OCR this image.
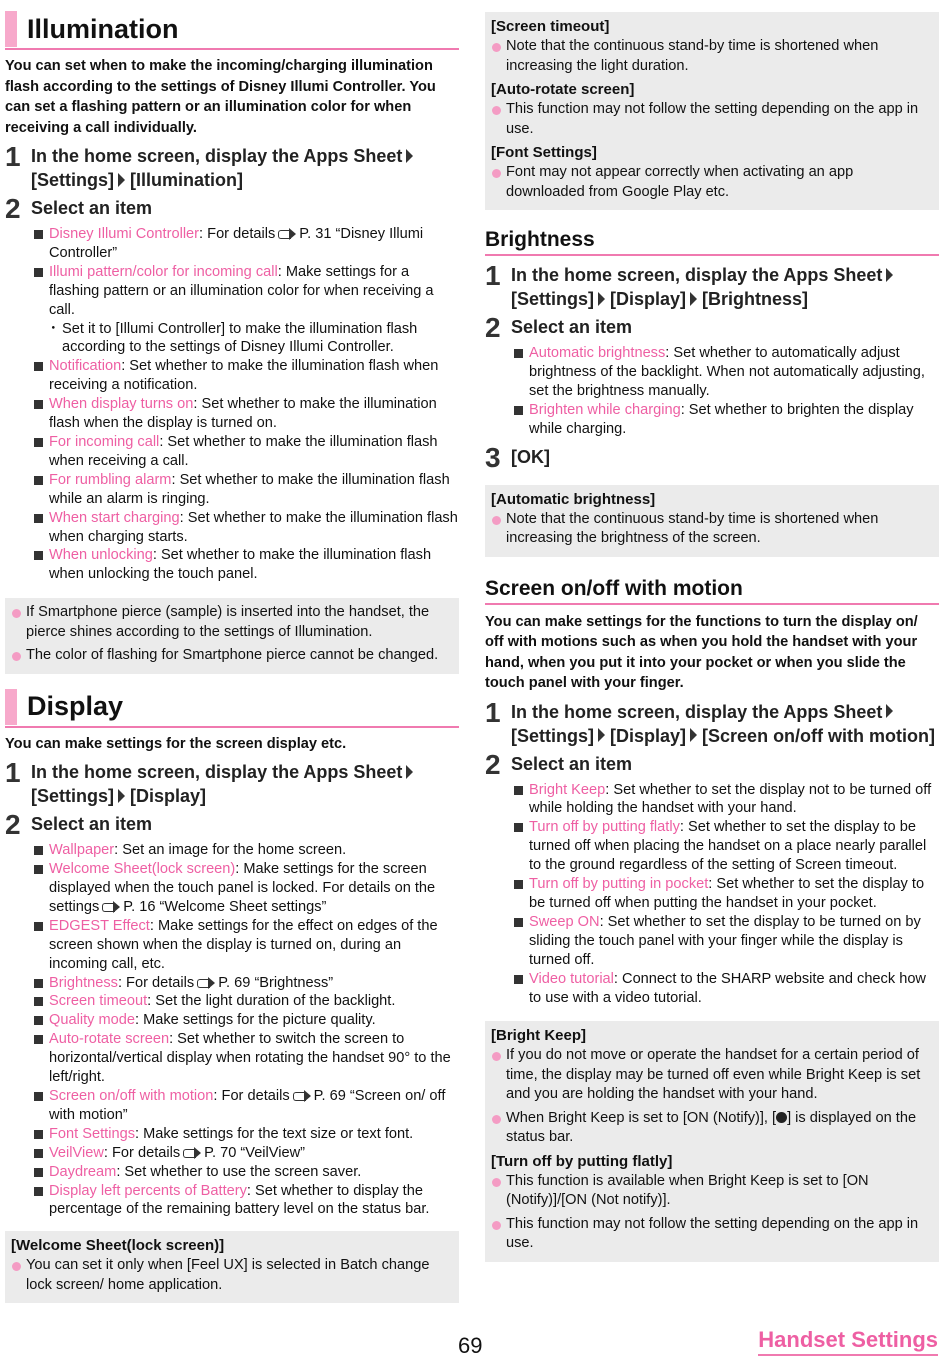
Illumination

You can set when to make the incoming/charging illumination flash according to the settings of Disney Illumi Controller. You can set a flashing pattern or an illumination color for when receiving a call individually.

1 In the home screen, display the Apps Sheet
[Settings] [Illumination]
2 Select an item
Disney Illumi Controller: For details P. 31 “Disney Illumi Controller”
Illumi pattern/color for incoming call: Make settings for a flashing pattern or an illumination color for when receiving a call.
・ Set it to [Illumi Controller] to make the illumination flash according to the settings of Disney Illumi Controller.
Notification: Set whether to make the illumination flash when receiving a notification.
When display turns on: Set whether to make the illumination flash when the display is turned on.
For incoming call: Set whether to make the illumination flash when receiving a call.
For rumbling alarm: Set whether to make the illumination flash while an alarm is ringing.
When start charging: Set whether to make the illumination flash when charging starts.
When unlocking: Set whether to make the illumination flash when unlocking the touch panel.

If Smartphone pierce (sample) is inserted into the handset, the pierce shines according to the settings of Illumination.

The color of flashing for Smartphone pierce cannot be changed.

Display

You can make settings for the screen display etc.

1 In the home screen, display the Apps Sheet
[Settings] [Display]
2 Select an item
Wallpaper: Set an image for the home screen.
Welcome Sheet(lock screen): Make settings for the screen displayed when the touch panel is locked. For details on the settings P. 16 “Welcome Sheet settings”
EDGEST Effect: Make settings for the effect on edges of the screen shown when the display is turned on, during an incoming call, etc.
Brightness: For details P. 69 “Brightness”
Screen timeout: Set the light duration of the backlight.
Quality mode: Make settings for the picture quality.
Auto-rotate screen: Set whether to switch the screen to horizontal/vertical display when rotating the handset 90° to the left/right.
Screen on/off with motion: For details P. 69 “Screen on/ off with motion”
Font Settings: Make settings for the text size or text font.
VeilView: For details P. 70 “VeilView”
Daydream: Set whether to use the screen saver.
Display left percents of Battery: Set whether to display the percentage of the remaining battery level on the status bar.
[Welcome Sheet(lock screen)]

You can set it only when [Feel UX] is selected in Batch change lock screen/ home application.

[Screen timeout]

Note that the continuous stand-by time is shortened when increasing the light duration.

[Auto-rotate screen]

This function may not follow the setting depending on the app in use.

[Font Settings]

Font may not appear correctly when activating an app downloaded from Google Play etc.

Brightness
1 In the home screen, display the Apps Sheet
[Settings] [Display] [Brightness]
2 Select an item
Automatic brightness: Set whether to automatically adjust brightness of the backlight. When not automatically adjusting, set the brightness manually.
Brighten while charging: Set whether to brighten the display while charging.
3 [OK]
[Automatic brightness]

Note that the continuous stand-by time is shortened when increasing the brightness of the screen.

Screen on/off with motion

You can make settings for the functions to turn the display on/ off with motions such as when you hold the handset with your hand, when you put it into your pocket or when you slide the touch panel with your finger.

1 In the home screen, display the Apps Sheet
[Settings] [Display] [Screen on/off with motion]
2 Select an item
Bright Keep: Set whether to set the display not to be turned off while holding the handset with your hand.
Turn off by putting flatly: Set whether to set the display to be turned off when placing the handset on a place nearly parallel to the ground regardless of the setting of Screen timeout.
Turn off by putting in pocket: Set whether to set the display to be turned off when putting the handset in your pocket.
Sweep ON: Set whether to set the display to be turned on by sliding the touch panel with your finger while the display is turned off.
Video tutorial: Connect to the SHARP website and check how to use with a video tutorial.
[Bright Keep]

If you do not move or operate the handset for a certain period of time, the display may be turned off even while Bright Keep is set and you are holding the handset with your hand.

When Bright Keep is set to [ON (Notify)], [ ] is displayed on the status bar.

[Turn off by putting flatly]

This function is available when Bright Keep is set to [ON (Notify)]/[ON (Not notify)].

This function may not follow the setting depending on the app in use.

69	Handset Settings
